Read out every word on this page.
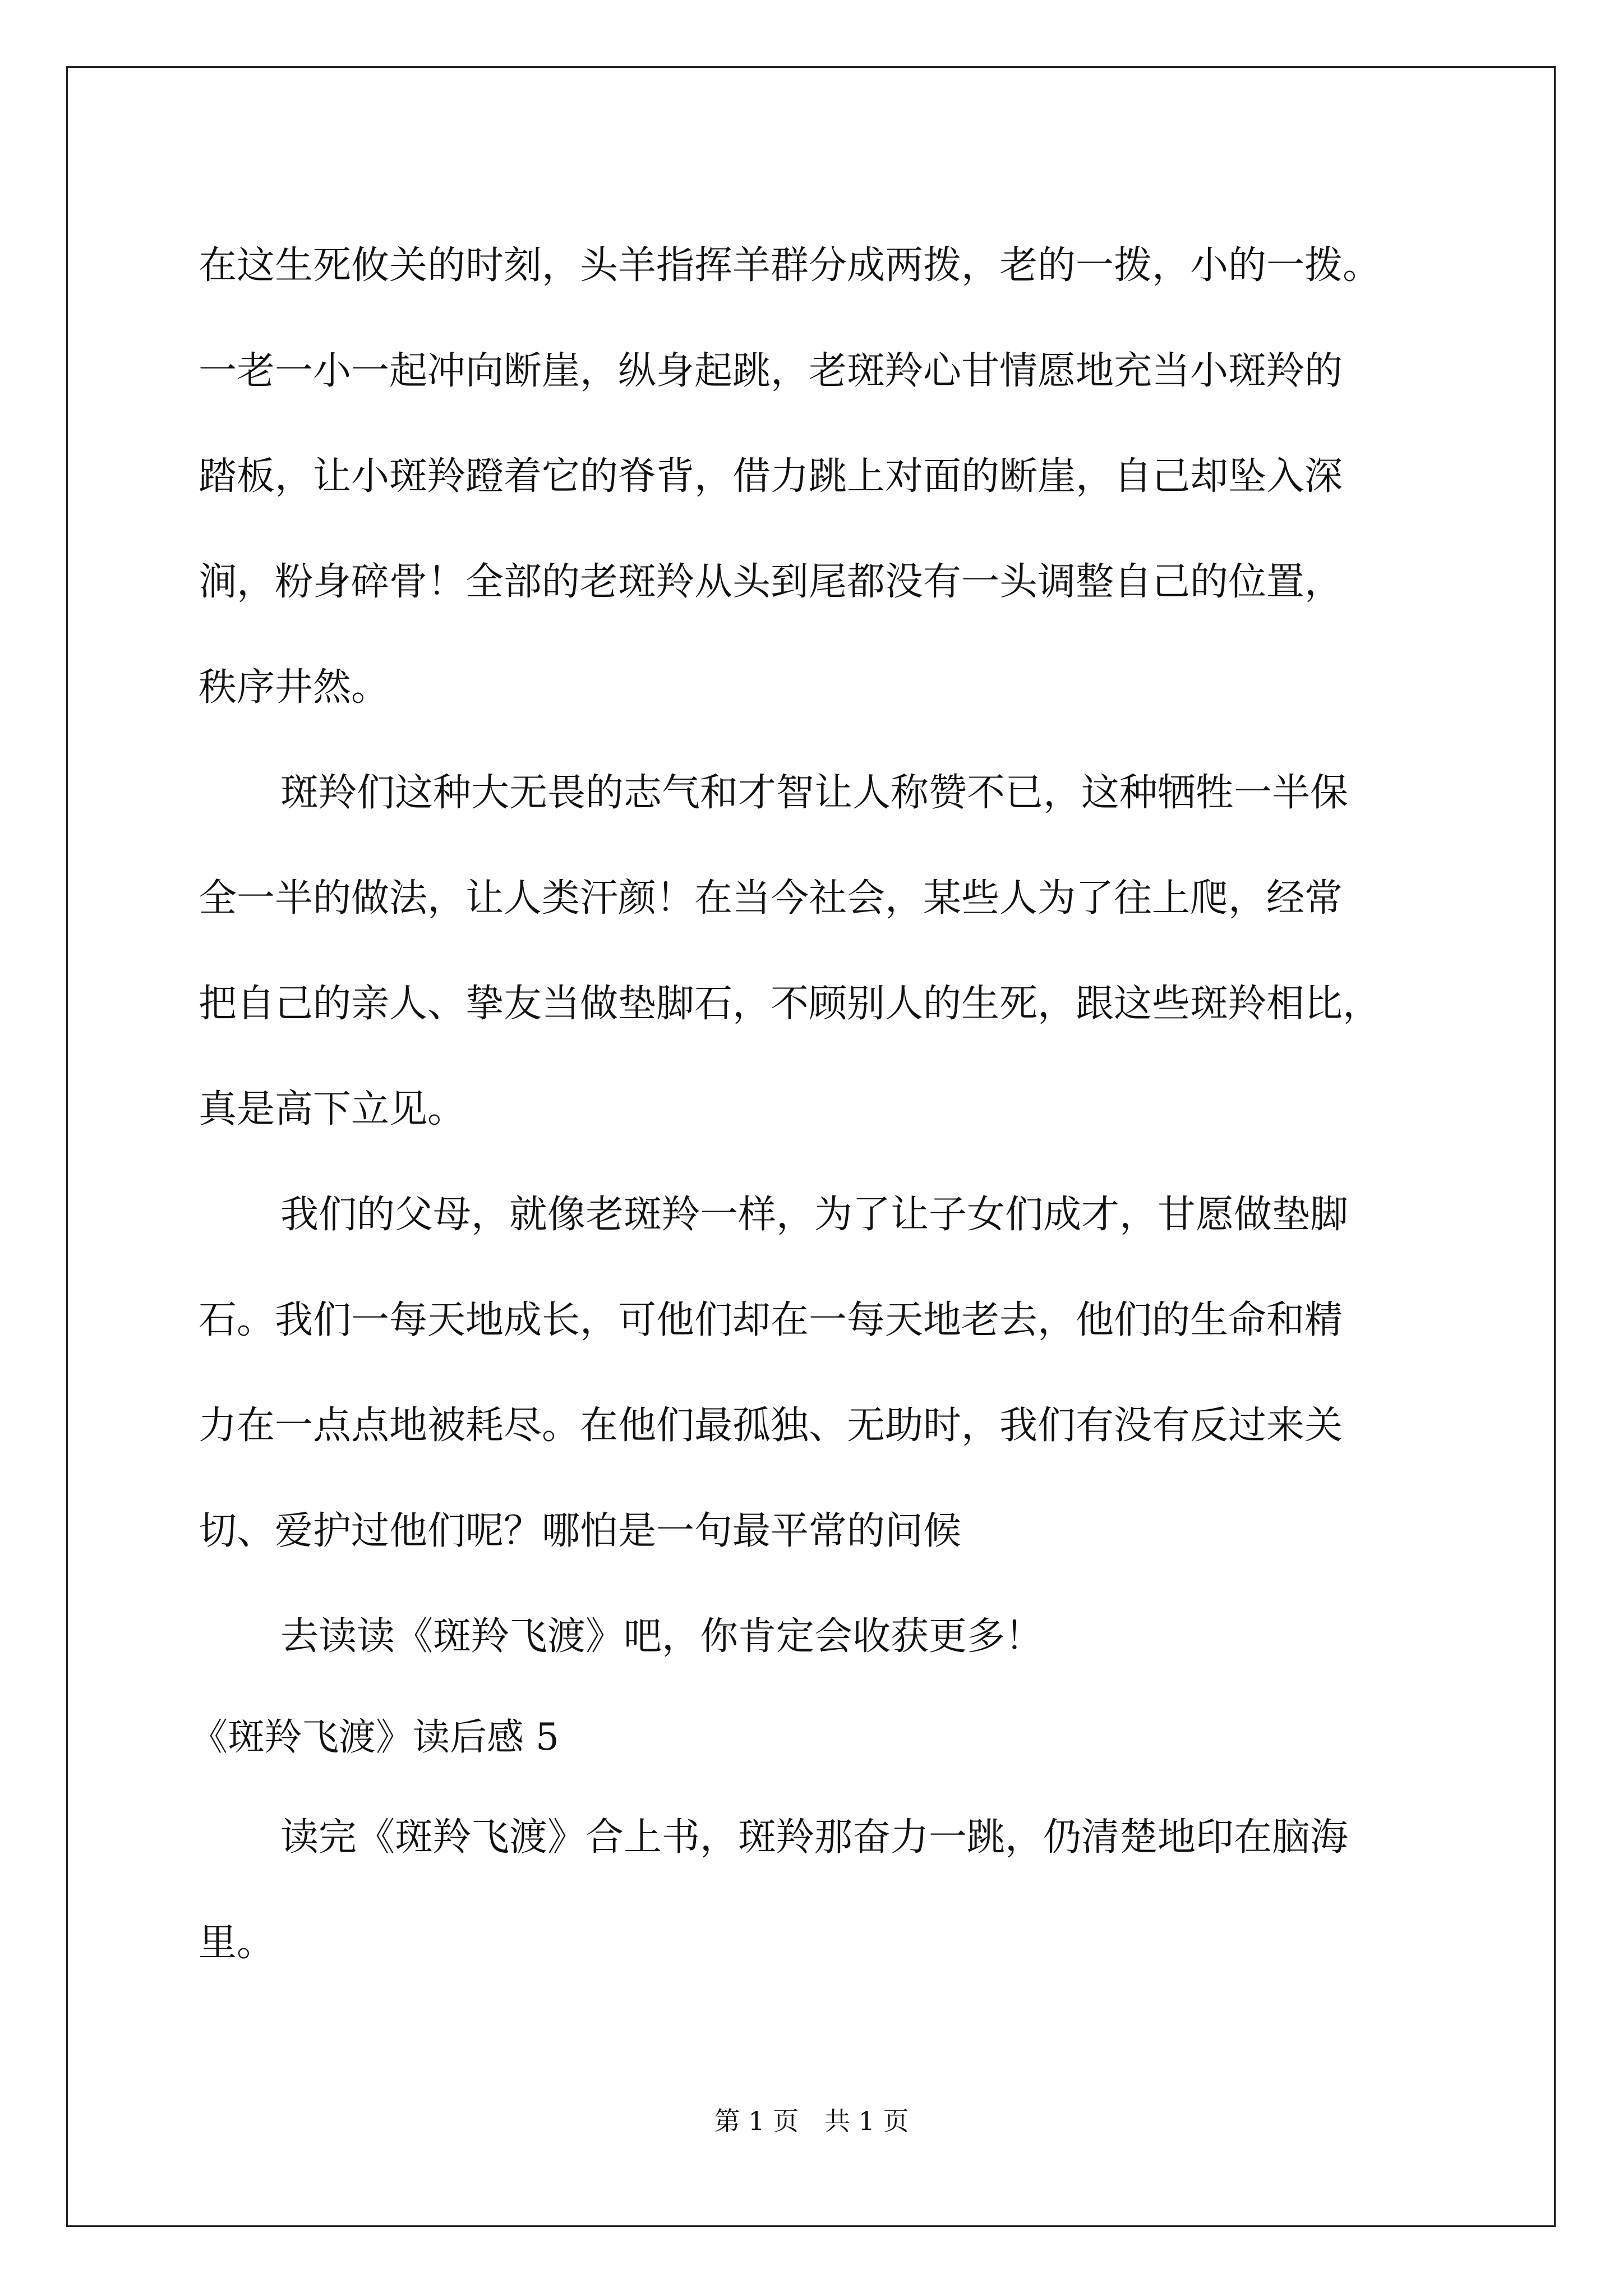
在这生死攸关的时刻，头羊指挥羊群分成两拨，老的一拨，小的一拨。
一老一小一起冲向断崖，纵身起跳，老斑羚心甘情愿地充当小斑羚的
踏板，让小斑羚蹬着它的脊背，借力跳上对面的断崖，自己却坠入深
涧，粉身碎骨！全部的老斑羚从头到尾都没有一头调整自己的位置，
秩序井然。
斑羚们这种大无畏的志气和才智让人称赞不已，这种牺牲一半保
全一半的做法，让人类汗颜！在当今社会，某些人为了往上爬，经常
把自己的亲人、挚友当做垫脚石，不顾别人的生死，跟这些斑羚相比，
真是高下立见。
我们的父母，就像老斑羚一样，为了让子女们成才，甘愿做垫脚
石。我们一每天地成长，可他们却在一每天地老去，他们的生命和精
力在一点点地被耗尽。在他们最孤独、无助时，我们有没有反过来关
切、爱护过他们呢？哪怕是一句最平常的问候
去读读《斑羚飞渡》吧，你肯定会收获更多！
《斑羚飞渡》读后感 5
读完《斑羚飞渡》合上书，斑羚那奋力一跳，仍清楚地印在脑海
里。
第 1 页　共 1 页
